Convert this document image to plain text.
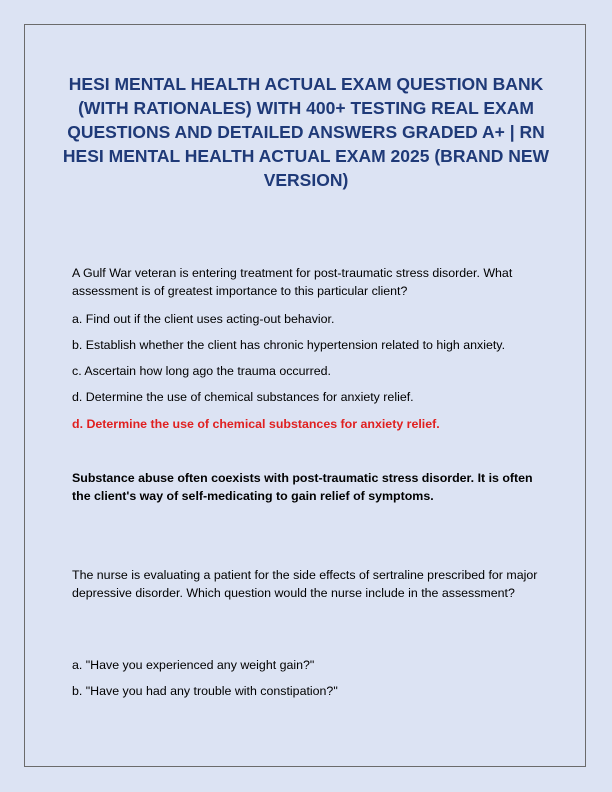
HESI MENTAL HEALTH ACTUAL EXAM QUESTION BANK (WITH RATIONALES) WITH 400+ TESTING REAL EXAM QUESTIONS AND DETAILED ANSWERS GRADED A+ | RN HESI MENTAL HEALTH ACTUAL EXAM 2025 (BRAND NEW VERSION)

A Gulf War veteran is entering treatment for post-traumatic stress disorder. What assessment is of greatest importance to this particular client?

a. Find out if the client uses acting-out behavior.

b. Establish whether the client has chronic hypertension related to high anxiety.

c. Ascertain how long ago the trauma occurred.

d. Determine the use of chemical substances for anxiety relief.

d. Determine the use of chemical substances for anxiety relief.

Substance abuse often coexists with post-traumatic stress disorder. It is often the client's way of self-medicating to gain relief of symptoms.

The nurse is evaluating a patient for the side effects of sertraline prescribed for major depressive disorder. Which question would the nurse include in the assessment?

a. "Have you experienced any weight gain?"

b. "Have you had any trouble with constipation?"
